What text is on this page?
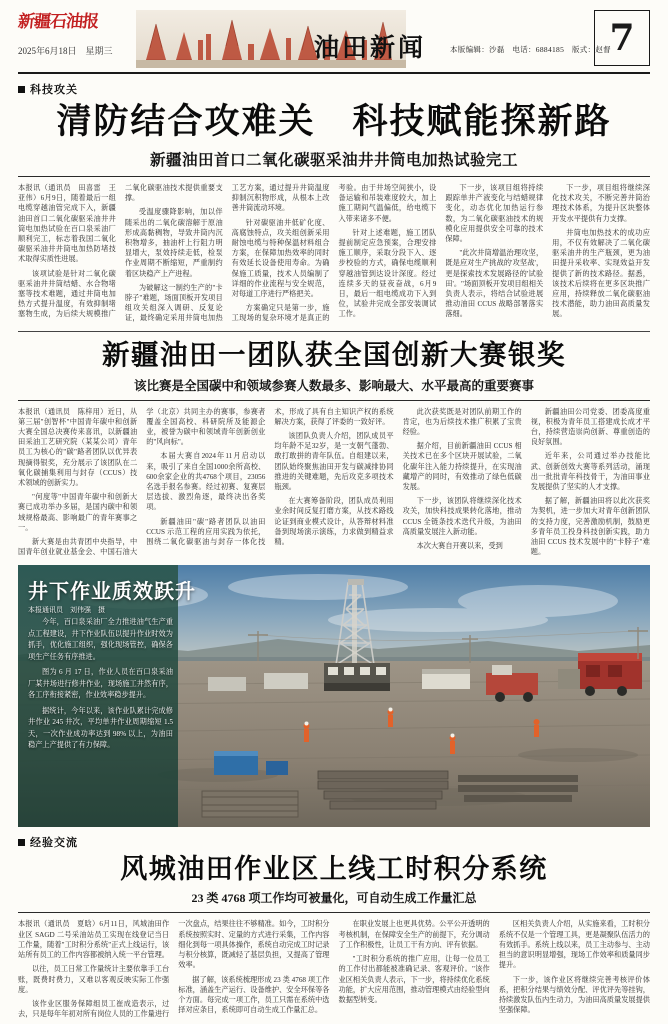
新疆石油报
2025年6月18日　星期三	油田新闻	本版编辑：沙磊　电话：6884185　版式：赵督
7
科技攻关
清防结合攻难关　科技赋能探新路
新疆油田首口二氧化碳驱采油井井筒电加热试验完工

本报讯（通讯员　田喜雷　王亚伟）6月9日，随着最后一组电缆穿越油管完成下入，新疆油田首口二氧化碳驱采油井井筒电加热试验在百口泉采油厂顺利完工，标志着我国二氧化碳驱采油井井筒电加热防堵技术取得实质性进展。

该项试验是针对二氧化碳驱采油井井筒结蜡、水合物堵塞等技术难题，通过井筒电加热方式提升温度，有效抑制堵塞物生成，为后续大规模推广二氧化碳驱油技术提供重要支撑。

受温度骤降影响，加以伴随采出的二氧化碳溶解于原油形成高黏稠物，导致井筒内沉积物增多，抽油杆上行阻力明显增大，泵效持续走低，检泵作业周期不断缩短，严重制约着区块稳产上产进程。

为破解这一制约生产的"卡脖子"难题，场面顶板开发项目组攻关组深入调研、反复论证，最终确定采用井筒电加热工艺方案，通过提升井筒温度抑制沉积物形成，从根本上改善井筒流动环境。

针对碳驱油井低矿化度、高腐蚀特点，攻关组创新采用耐蚀电缆与特种保温材料组合方案，在保障加热效率的同时有效延长设备使用寿命。为确保施工质量，技术人员编制了详细的作业流程与安全规范，对每道工序进行严格把关。

方案确定只是第一步，施工现场的复杂环境才是真正的考验。由于井场空间狭小，设备运输和吊装难度较大，加上施工期间气温偏低，给电缆下入带来诸多不便。

针对上述难题，施工团队提前制定应急预案，合理安排施工顺序，采取分段下入、逐步校验的方式，确保电缆顺利穿越油管到达设计深度。经过连续多天的昼夜奋战，6月9日，最后一组电缆成功下入到位，试验井完成全部安装调试工作。

下一步，该项目组将持续跟踪单井产液变化与结蜡规律变化，动态优化加热运行参数，为二氧化碳驱油技术的规模化应用提供安全可靠的技术保障。

"此次井筒增温治理攻坚，既是应对生产挑战的'攻坚战'，更是探索技术发展路径的'试验田'。"场面顶板开发项目组相关负责人表示，将结合试验进展推动油田 CCUS 战略部署落实落细。

下一步，项目组将继续深化技术攻关，不断完善井筒治理技术体系，为提升区块整体开发水平提供有力支撑。

井筒电加热技术的成功应用，不仅有效解决了二氧化碳驱采油井的生产瓶颈，更为油田提升采收率、实现效益开发提供了新的技术路径。据悉，该技术后续将在更多区块推广应用，持续释放二氧化碳驱油技术潜能，助力油田高质量发展。

新疆油田一团队获全国创新大赛银奖
该比赛是全国碳中和领域参赛人数最多、影响最大、水平最高的重要赛事

本报讯（通讯员　陈梓用）近日，从第三届"创智杯"中国青年碳中和创新大赛全国总决赛传来喜讯，以新疆油田采油工艺研究院（某某公司）青年员工为核心的"碳"路者团队以优异表现摘得银奖，充分展示了该团队在二氧化碳捕集利用与封存（CCUS）技术领域的创新实力。

"何度等"中国青年碳中和创新大赛已成功举办多届，是国内碳中和领域规格最高、影响最广的青年赛事之一。

新大赛是由共青团中央指导，中国青年创业就业基金会、中国石油大学（北京）共同主办的赛事，参赛者覆盖全国高校、科研院所及能源企业，被誉为碳中和领域青年创新创业的"风向标"。

本届大赛自2024年11月启动以来，吸引了来自全国1000余所高校、600余家企业的共4768个项目，23056名选手报名参赛。经过初赛、复赛层层选拔、激烈角逐，最终决出各奖项。

新疆油田"碳"路者团队以油田 CCUS 示范工程的应用实践为依托，围绕二氧化碳驱油与封存一体化技术，形成了具有自主知识产权的系统解决方案，获得了评委的一致好评。

该团队负责人介绍，团队成员平均年龄不足32岁，是一支朝气蓬勃、敢打敢拼的青年队伍。自组建以来，团队始终聚焦油田开发与碳减排协同推进的关键难题，先后攻克多项技术瓶颈。

在大赛筹备阶段，团队成员利用业余时间反复打磨方案，从技术路线论证到商业模式设计，从答辩材料准备到现场演示演练，力求做到精益求精。

此次获奖既是对团队前期工作的肯定，也为后续技术推广积累了宝贵经验。

据介绍，目前新疆油田 CCUS 相关技术已在多个区块开展试验，二氧化碳年注入能力持续提升，在实现油藏增产的同时，有效推动了绿色低碳发展。

下一步，该团队将继续深化技术攻关，加快科技成果转化落地，推动 CCUS 全链条技术迭代升级，为油田高质量发展注入新动能。

本次大赛自开赛以来，受到

新疆油田公司党委、团委高度重视，积极为青年员工搭建成长成才平台，持续营造崇尚创新、尊重创造的良好氛围。

近年来，公司通过举办技能比武、创新创效大赛等系列活动，涌现出一批批青年科技骨干，为油田事业发展提供了坚实的人才支撑。

据了解，新疆油田将以此次获奖为契机，进一步加大对青年创新团队的支持力度，完善激励机制，鼓励更多青年员工投身科技创新实践，助力油田 CCUS 技术发展中的"卡脖子"难题。

井下作业质效跃升
本报通讯员　刘伟强　摄

今年，百口泉采油厂全力推进油气生产重点工程建设，井下作业队伍以提升作业时效为抓手，优化施工组织，强化现场管控，确保各项生产任务有序推进。

图为 6 月 17 日，作业人员在百口泉采油厂某井场进行修井作业，现场施工井然有序，各工序衔接紧密，作业效率稳步提升。

据统计，今年以来，该作业队累计完成修井作业 245 井次，平均单井作业周期缩短 1.5 天，一次作业成功率达到 98% 以上，为油田稳产上产提供了有力保障。

经验交流
风城油田作业区上线工时积分系统
23 类 4768 项工作均可被量化，可自动生成工作量汇总

本报讯（通讯员　夏晗）6月11日，风城油田作业区 SAGD 二号采油站员工实现在线登记当日工作量，随着"工时积分系统"正式上线运行，该站所有员工的工作内容都被纳入统一平台管理。

以往，员工日常工作量统计主要依靠手工台账，既费时费力，又难以客观反映实际工作强度。

该作业区服务保障组员工崔成造表示，过去，只是每年年初对所有岗位人员的工作量进行一次盘点，结果往往不够精准。如今，工时积分系统按照实时、定量的方式进行采集，工作内容细化到每一项具体操作，系统自动完成工时记录与积分核算，既减轻了基层负担，又提高了管理效率。

据了解，该系统梳理形成 23 类 4768 项工作标准，涵盖生产运行、设备维护、安全环保等各个方面。每完成一项工作，员工只需在系统中选择对应条目，系统即可自动生成工作量汇总。

在职业发展上也更具优势。公平公开透明的考核机制，在保障安全生产的前提下，充分调动了工作积极性，让员工干有方向、评有依据。

"工时积分系统的推广应用，让每一位员工的工作付出都能被准确记录、客观评价。"该作业区相关负责人表示，下一步，将持续优化系统功能，扩大应用范围，推动管理模式由经验型向数据型转变。

区相关负责人介绍，从实施来看，工时积分系统不仅是一个管理工具，更是凝聚队伍活力的有效抓手。系统上线以来，员工主动参与、主动担当的意识明显增强，现场工作效率和质量同步提升。

下一步，该作业区将继续完善考核评价体系，把积分结果与绩效分配、评优评先等挂钩，持续激发队伍内生动力，为油田高质量发展提供坚强保障。
